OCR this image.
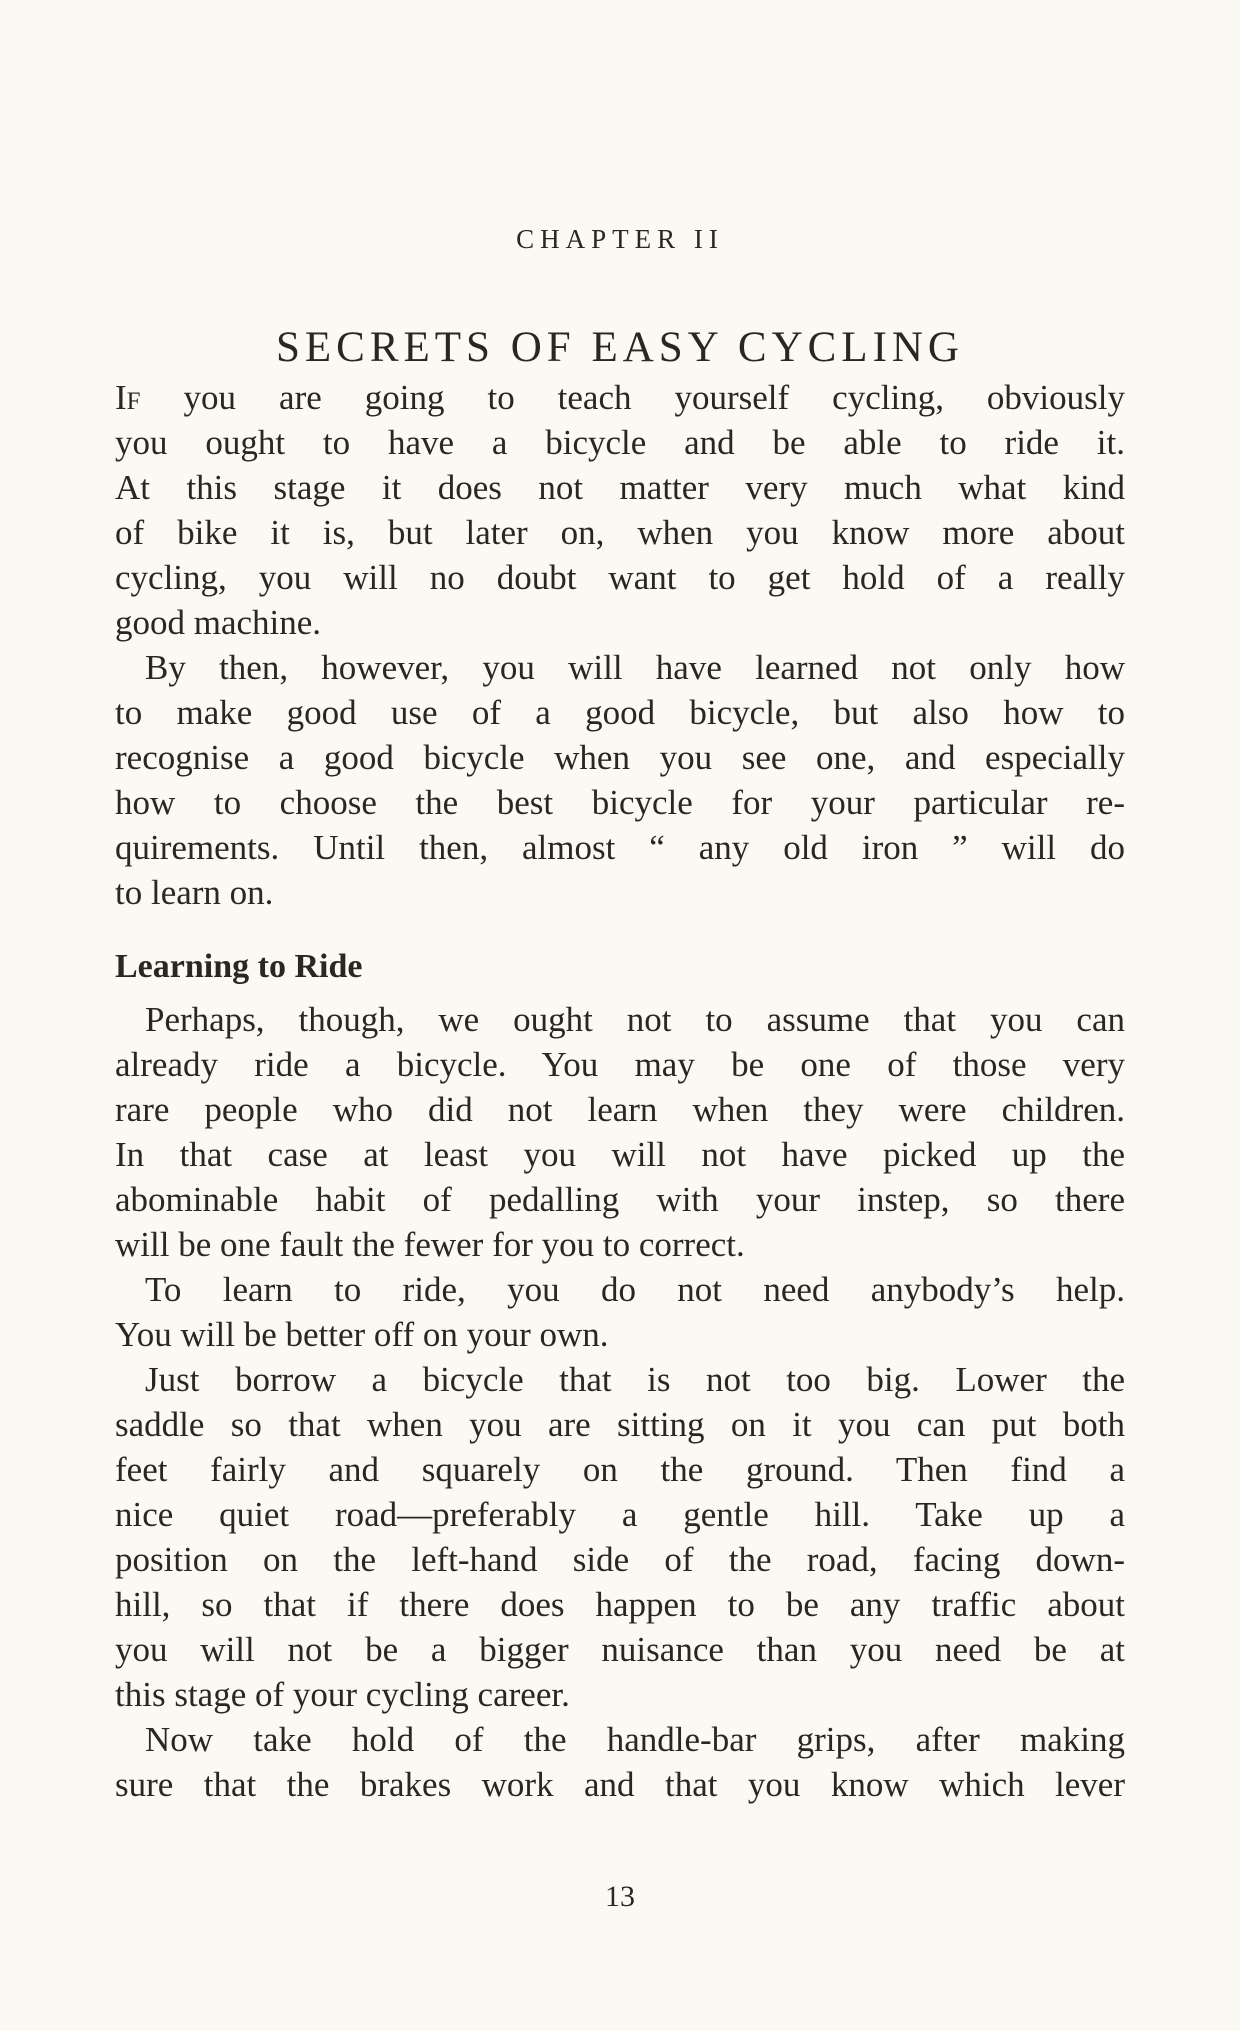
CHAPTER II
SECRETS OF EASY CYCLING
If you are going to teach yourself cycling, obviously
you ought to have a bicycle and be able to ride it.
At this stage it does not matter very much what kind
of bike it is, but later on, when you know more about
cycling, you will no doubt want to get hold of a really
good machine.
By then, however, you will have learned not only how
to make good use of a good bicycle, but also how to
recognise a good bicycle when you see one, and especially
how to choose the best bicycle for your particular re-
quirements. Until then, almost “ any old iron ” will do
to learn on.
Learning to Ride
Perhaps, though, we ought not to assume that you can
already ride a bicycle. You may be one of those very
rare people who did not learn when they were children.
In that case at least you will not have picked up the
abominable habit of pedalling with your instep, so there
will be one fault the fewer for you to correct.
To learn to ride, you do not need anybody’s help.
You will be better off on your own.
Just borrow a bicycle that is not too big. Lower the
saddle so that when you are sitting on it you can put both
feet fairly and squarely on the ground. Then find a
nice quiet road—preferably a gentle hill. Take up a
position on the left-hand side of the road, facing down-
hill, so that if there does happen to be any traffic about
you will not be a bigger nuisance than you need be at
this stage of your cycling career.
Now take hold of the handle-bar grips, after making
sure that the brakes work and that you know which lever
13
